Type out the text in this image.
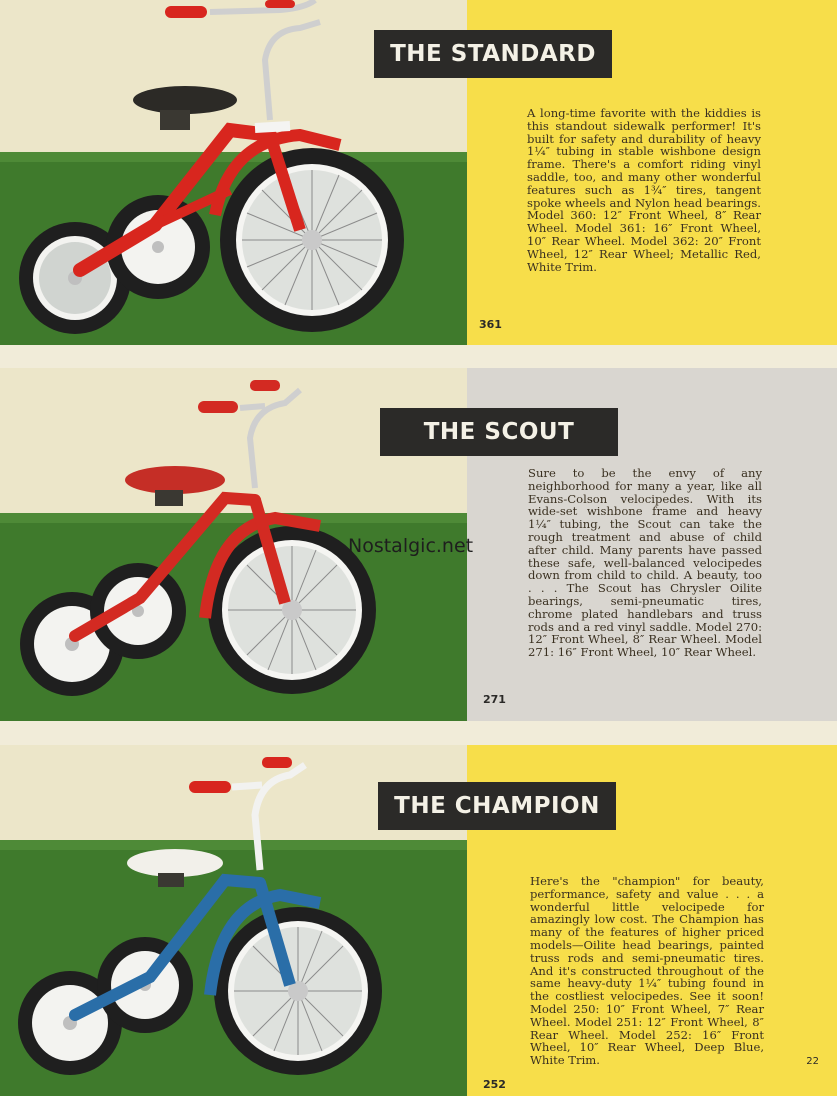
THE STANDARD
A long-time favorite with the kiddies is this standout sidewalk performer! It's built for safety and durability of heavy 1¼″ tubing in stable wishbone design frame. There's a comfort riding vinyl saddle, too, and many other wonderful features such as 1¾″ tires, tangent spoke wheels and Nylon head bearings. Model 360: 12″ Front Wheel, 8″ Rear Wheel. Model 361: 16″ Front Wheel, 10″ Rear Wheel. Model 362: 20″ Front Wheel, 12″ Rear Wheel; Metallic Red, White Trim.
361
THE SCOUT
Sure to be the envy of any neighborhood for many a year, like all Evans-Colson velocipedes. With its wide-set wishbone frame and heavy 1¼″ tubing, the Scout can take the rough treatment and abuse of child after child. Many parents have passed these safe, well-balanced velocipedes down from child to child. A beauty, too . . . The Scout has Chrysler Oilite bearings, semi-pneumatic tires, chrome plated handlebars and truss rods and a red vinyl saddle. Model 270: 12″ Front Wheel, 8″ Rear Wheel. Model 271: 16″ Front Wheel, 10″ Rear Wheel.
271
THE CHAMPION
Here's the "champion" for beauty, performance, safety and value . . . a wonderful little velocipede for amazingly low cost. The Champion has many of the features of higher priced models—Oilite head bearings, painted truss rods and semi-pneumatic tires. And it's constructed throughout of the same heavy-duty 1¼″ tubing found in the costliest velocipedes. See it soon! Model 250: 10″ Front Wheel, 7″ Rear Wheel. Model 251: 12″ Front Wheel, 8″ Rear Wheel. Model 252: 16″ Front Wheel, 10″ Rear Wheel, Deep Blue, White Trim.
252
Nostalgic.net
22
